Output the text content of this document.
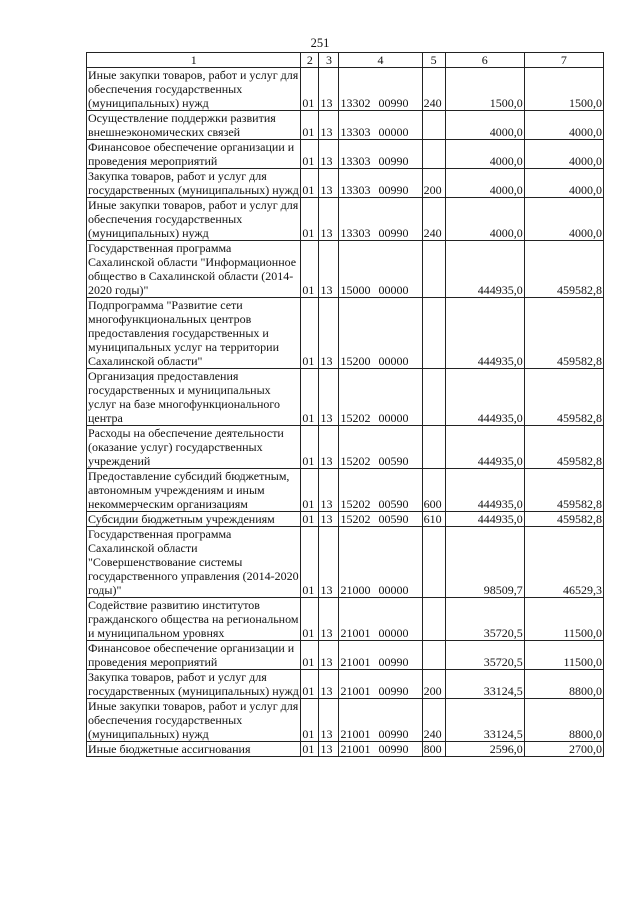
251
1	2	3	4	5	6	7
Иные закупки товаров, работ и услуг для обеспечения государственных (муниципальных) нужд	01	13	13302 00990	240	1500,0	1500,0
Осуществление поддержки развития внешнеэкономических связей	01	13	13303 00000		4000,0	4000,0
Финансовое обеспечение организации и проведения мероприятий	01	13	13303 00990		4000,0	4000,0
Закупка товаров, работ и услуг для государственных (муниципальных) нужд	01	13	13303 00990	200	4000,0	4000,0
Иные закупки товаров, работ и услуг для обеспечения государственных (муниципальных) нужд	01	13	13303 00990	240	4000,0	4000,0
Государственная программа Сахалинской области "Информационное общество в Сахалинской области (2014-2020 годы)"	01	13	15000 00000		444935,0	459582,8
Подпрограмма "Развитие сети многофункциональных центров предоставления государственных и муниципальных услуг на территории Сахалинской области"	01	13	15200 00000		444935,0	459582,8
Организация предоставления государственных и муниципальных услуг на базе многофункционального центра	01	13	15202 00000		444935,0	459582,8
Расходы на обеспечение деятельности (оказание услуг) государственных учреждений	01	13	15202 00590		444935,0	459582,8
Предоставление субсидий бюджетным, автономным учреждениям и иным некоммерческим организациям	01	13	15202 00590	600	444935,0	459582,8
Субсидии бюджетным учреждениям	01	13	15202 00590	610	444935,0	459582,8
Государственная программа Сахалинской области "Совершенствование системы государственного управления (2014-2020 годы)"	01	13	21000 00000		98509,7	46529,3
Содействие развитию институтов гражданского общества на региональном и муниципальном уровнях	01	13	21001 00000		35720,5	11500,0
Финансовое обеспечение организации и проведения мероприятий	01	13	21001 00990		35720,5	11500,0
Закупка товаров, работ и услуг для государственных (муниципальных) нужд	01	13	21001 00990	200	33124,5	8800,0
Иные закупки товаров, работ и услуг для обеспечения государственных (муниципальных) нужд	01	13	21001 00990	240	33124,5	8800,0
Иные бюджетные ассигнования	01	13	21001 00990	800	2596,0	2700,0
